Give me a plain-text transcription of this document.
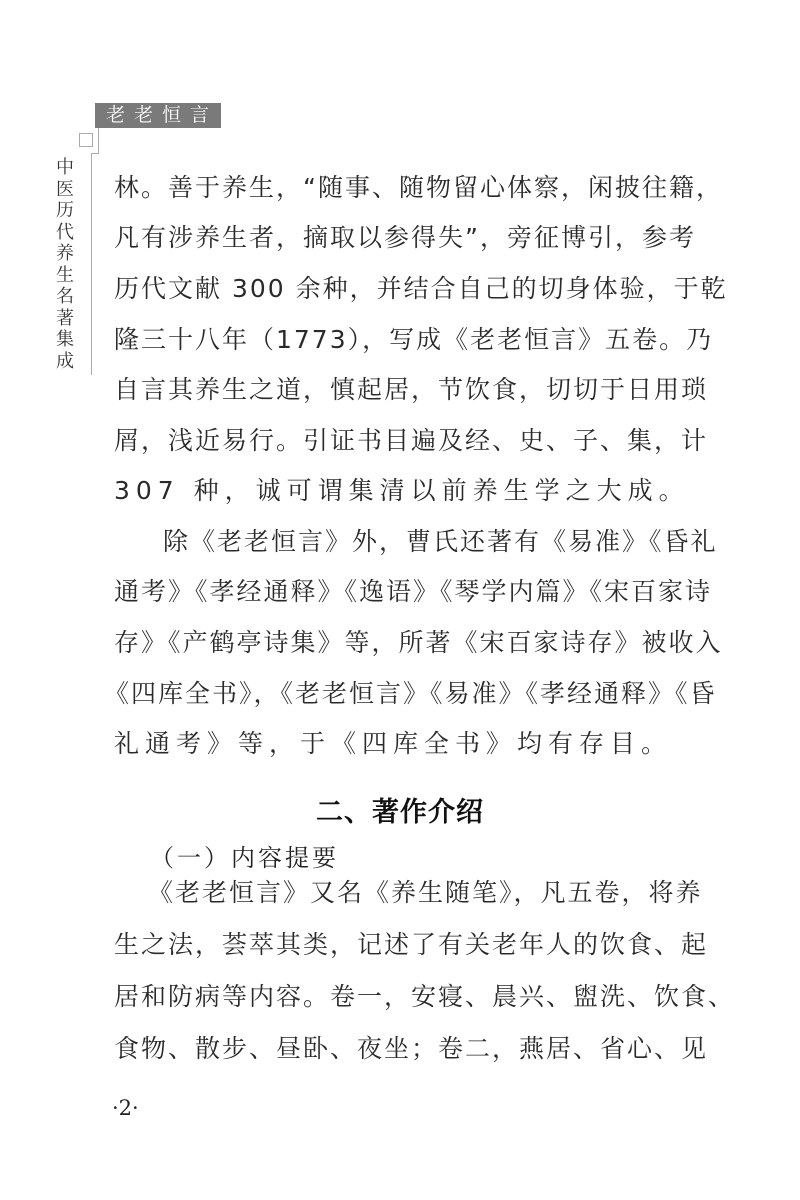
老老恒言
中
医
历
代
养
生
名
著
集
成
林。善于养生，“随事、随物留心体察，闲披往籍，
凡有涉养生者，摘取以参得失”，旁征博引，参考
历代文献 300 余种，并结合自己的切身体验，于乾
隆三十八年（1773），写成《老老恒言》五卷。乃
自言其养生之道，慎起居，节饮食，切切于日用琐
屑，浅近易行。引证书目遍及经、史、子、集，计
307 种，诚可谓集清以前养生学之大成。
除《老老恒言》外，曹氏还著有《易准》《昏礼
通考》《孝经通释》《逸语》《琴学内篇》《宋百家诗
存》《产鹤亭诗集》等，所著《宋百家诗存》被收入
《四库全书》，《老老恒言》《易准》《孝经通释》《昏
礼通考》等，于《四库全书》均有存目。
二、著作介绍
（一）内容提要
《老老恒言》又名《养生随笔》，凡五卷，将养
生之法，荟萃其类，记述了有关老年人的饮食、起
居和防病等内容。卷一，安寝、晨兴、盥洗、饮食、
食物、散步、昼卧、夜坐；卷二，燕居、省心、见
·2·
